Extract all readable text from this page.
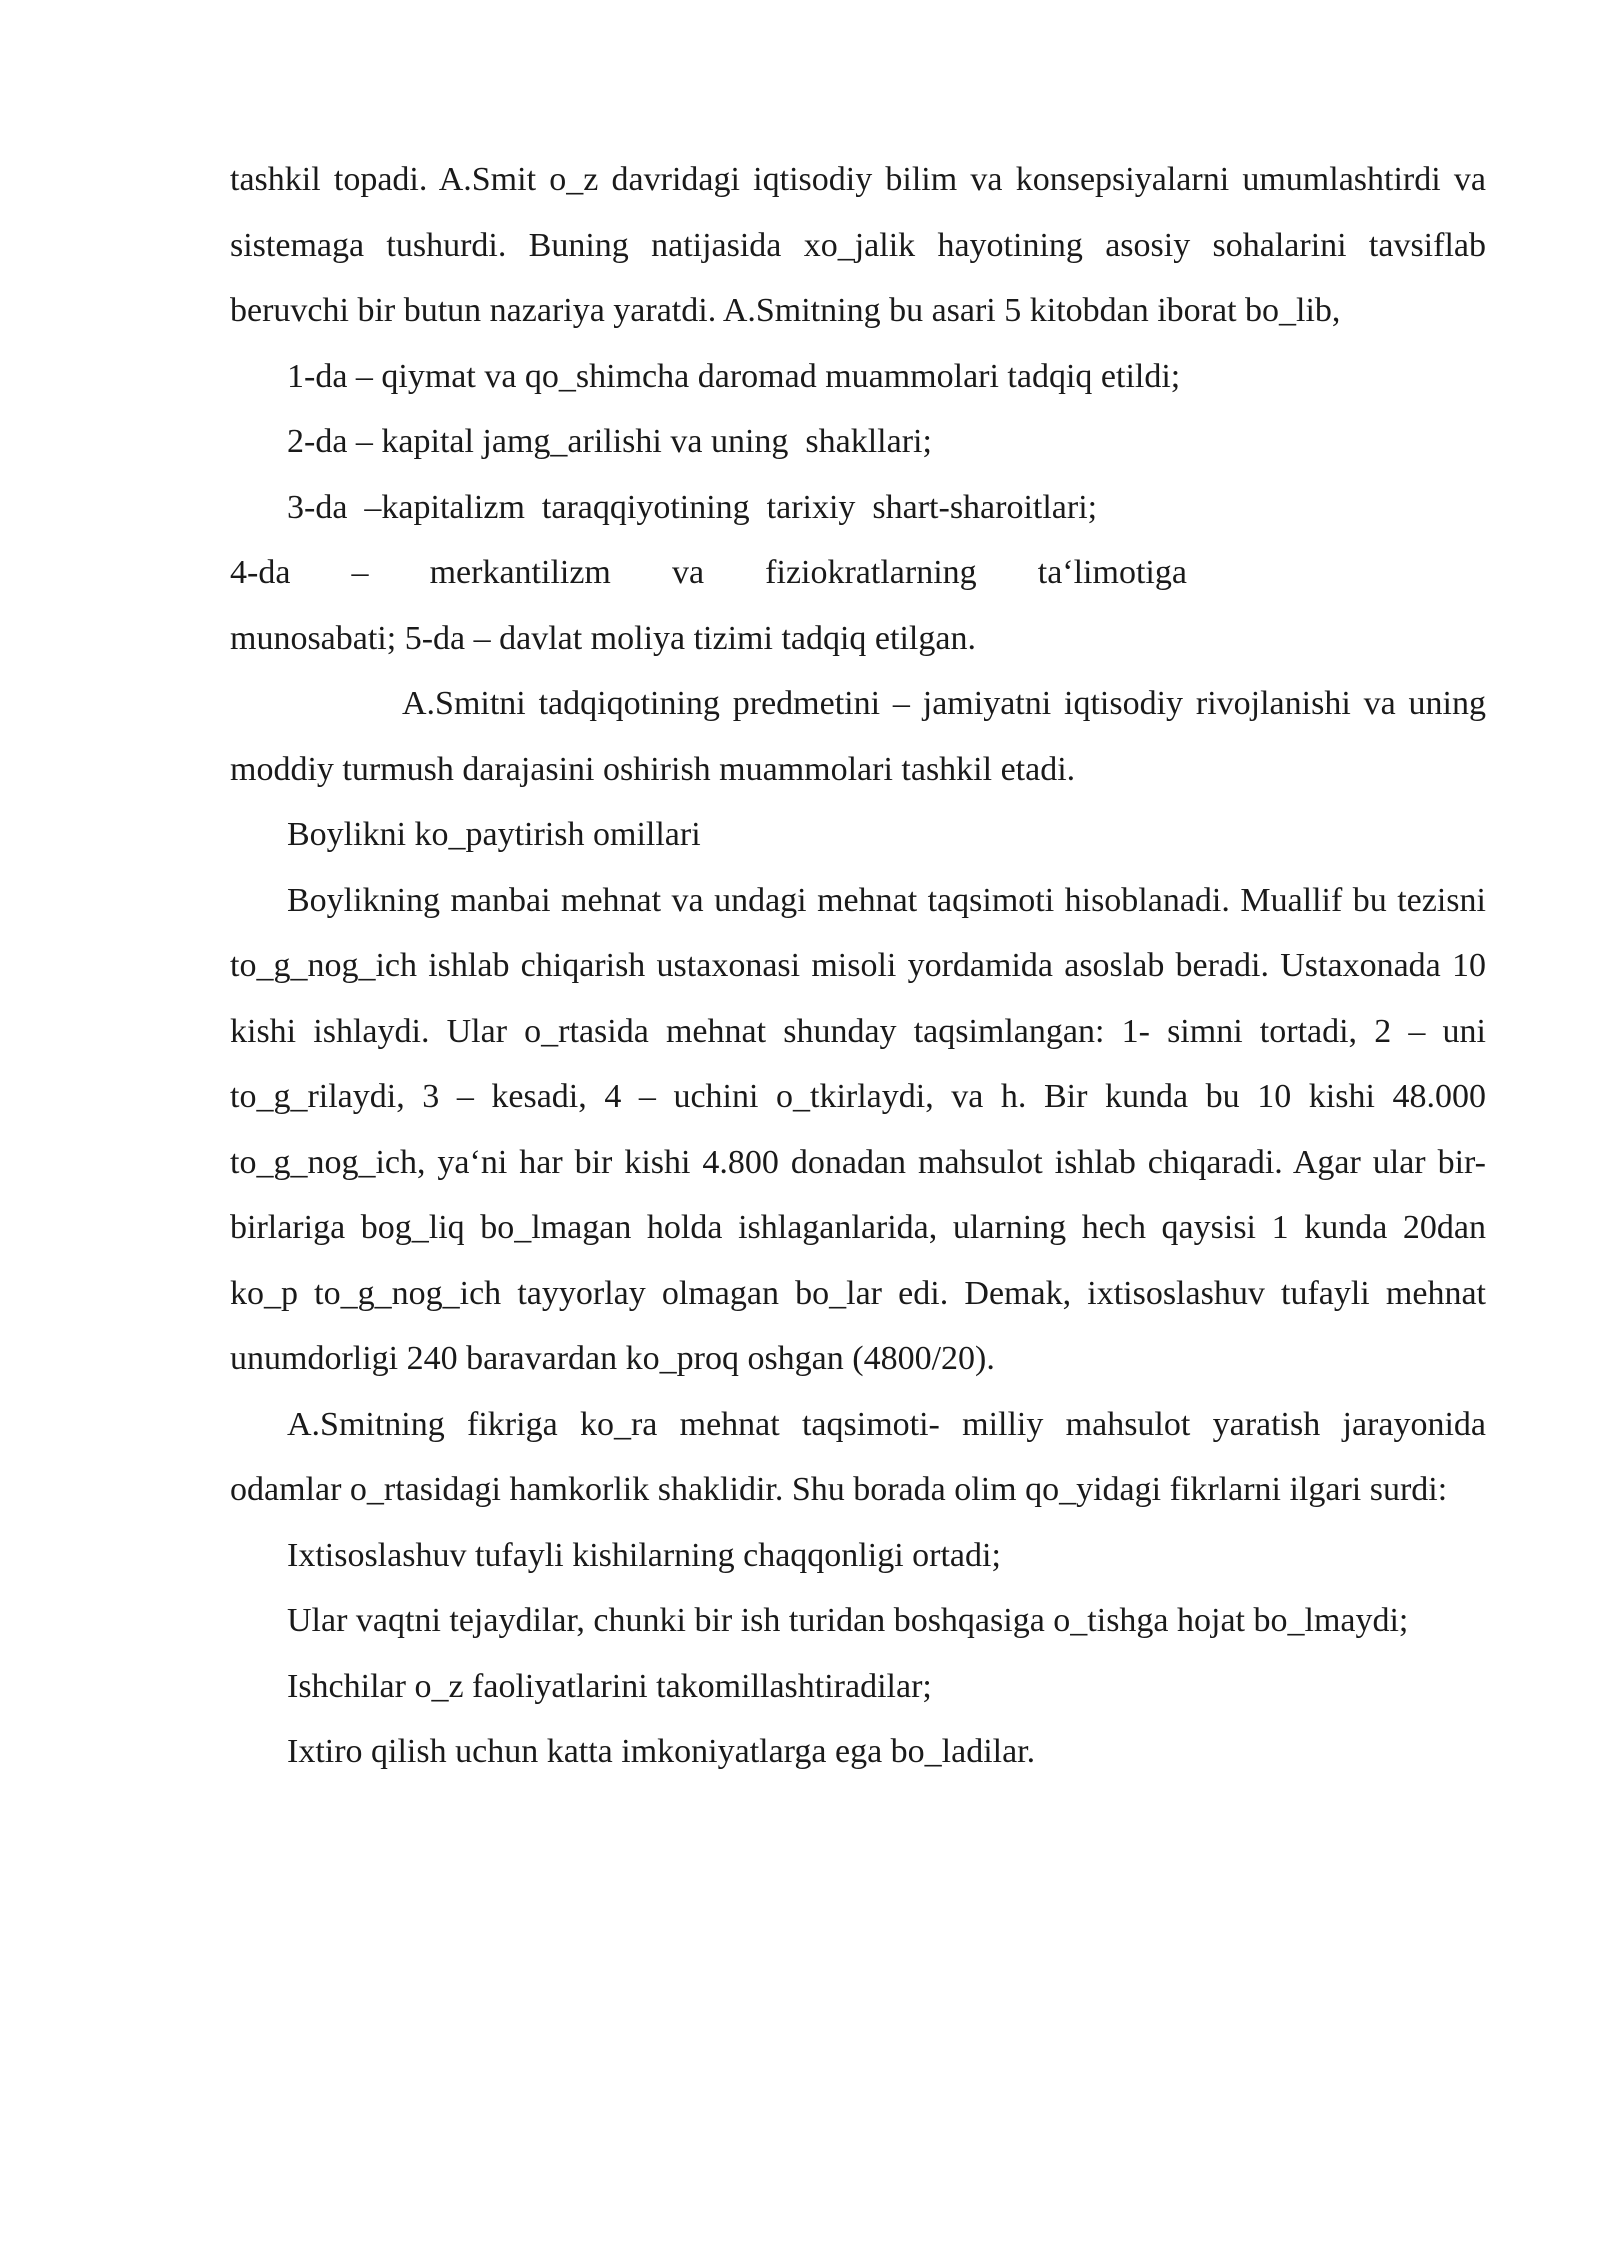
tashkil topadi. A.Smit o_z davridagi iqtisodiy bilim va konsepsiyalarni umumlashtirdi va sistemaga tushurdi. Buning natijasida xo_jalik hayotining asosiy sohalarini tavsiflab beruvchi bir butun nazariya yaratdi. A.Smitning bu asari 5 kitobdan iborat bo_lib,

1-da – qiymat va qo_shimcha daromad muammolari tadqiq etildi;

2-da – kapital jamg_arilishi va uning  shakllari;

3-da  –kapitalizm  taraqqiyotining  tarixiy  shart-sharoitlari;

4-da – merkantilizm va fiziokratlarning ta‘limotiga

munosabati; 5-da – davlat moliya tizimi tadqiq etilgan.

A.Smitni tadqiqotining predmetini – jamiyatni iqtisodiy rivojlanishi va uning moddiy turmush darajasini oshirish muammolari tashkil etadi.

Boylikni ko_paytirish omillari

Boylikning manbai mehnat va undagi mehnat taqsimoti hisoblanadi. Muallif bu tezisni to_g_nog_ich ishlab chiqarish ustaxonasi misoli yordamida asoslab beradi. Ustaxonada 10 kishi ishlaydi. Ular o_rtasida mehnat shunday taqsimlangan: 1- simni tortadi, 2 – uni to_g_rilaydi, 3 – kesadi, 4 – uchini o_tkirlaydi, va h. Bir kunda bu 10 kishi 48.000 to_g_nog_ich, ya‘ni har bir kishi 4.800 donadan mahsulot ishlab chiqaradi. Agar ular bir-birlariga bog_liq bo_lmagan holda ishlaganlarida, ularning hech qaysisi 1 kunda 20dan ko_p to_g_nog_ich tayyorlay olmagan bo_lar edi. Demak, ixtisoslashuv tufayli mehnat unumdorligi 240 baravardan ko_proq oshgan (4800/20).

A.Smitning fikriga ko_ra mehnat taqsimoti- milliy mahsulot yaratish jarayonida odamlar o_rtasidagi hamkorlik shaklidir. Shu borada olim qo_yidagi fikrlarni ilgari surdi:

Ixtisoslashuv tufayli kishilarning chaqqonligi ortadi;

Ular vaqtni tejaydilar, chunki bir ish turidan boshqasiga o_tishga hojat bo_lmaydi;

Ishchilar o_z faoliyatlarini takomillashtiradilar;

Ixtiro qilish uchun katta imkoniyatlarga ega bo_ladilar.
